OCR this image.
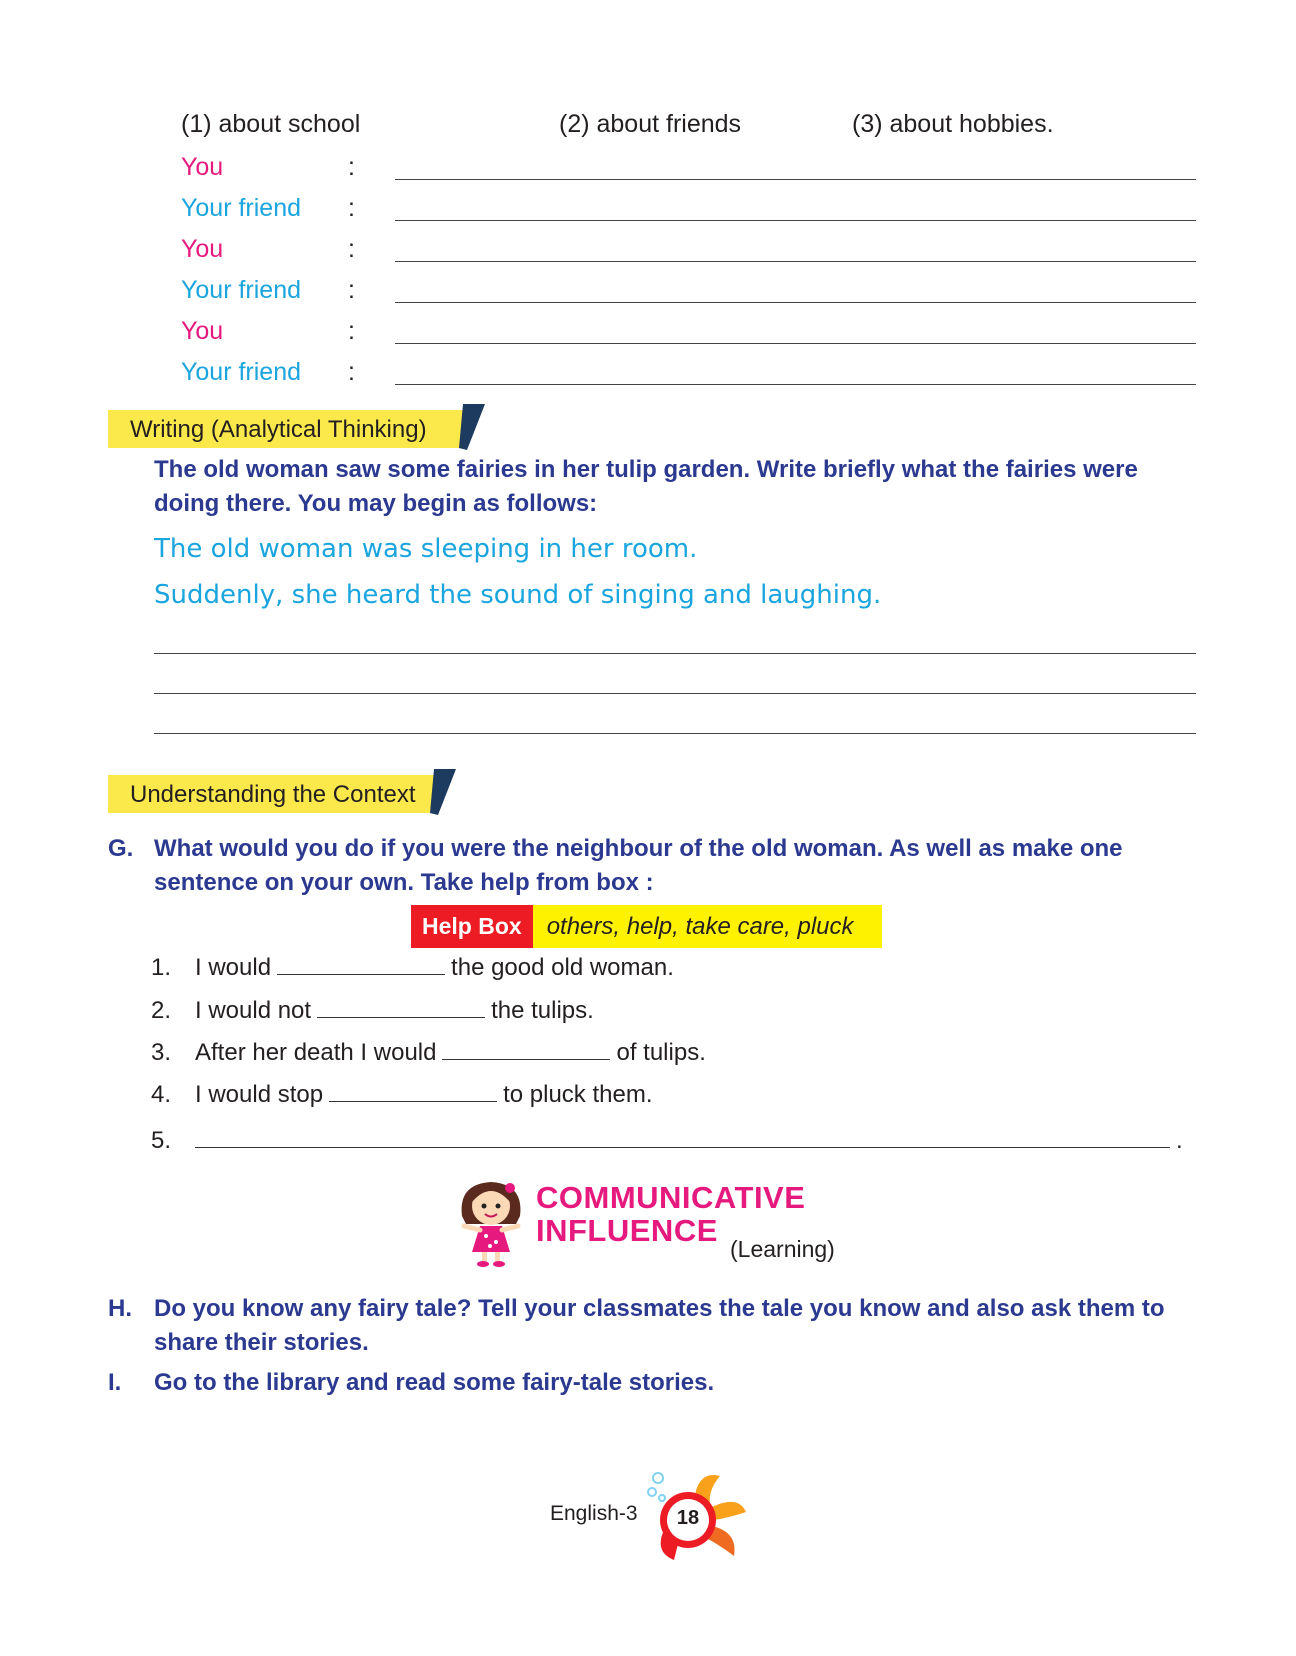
(1) about school	(2) about friends	(3) about hobbies.
You	:
Your friend :
You	:
Your friend :
You	:
Your friend :
Writing (Analytical Thinking)
The old woman saw some fairies in her tulip garden. Write briefly what the fairies were doing there. You may begin as follows:
The old woman was sleeping in her room.
Suddenly, she heard the sound of singing and laughing.
Understanding the Context
G. What would you do if you were the neighbour of the old woman. As well as make one sentence on your own. Take help from box :
Help Box	others, help, take care, pluck
1. I would	the good old woman.
2. I would not	the tulips.
3. After her death I would	of tulips.
4. I would stop	to pluck them.
5.	.
COMMUNICATIVE
INFLUENCE
(Learning)
H. Do you know any fairy tale? Tell your classmates the tale you know and also ask them to share their stories.
I. Go to the library and read some fairy-tale stories.
English-3	18
